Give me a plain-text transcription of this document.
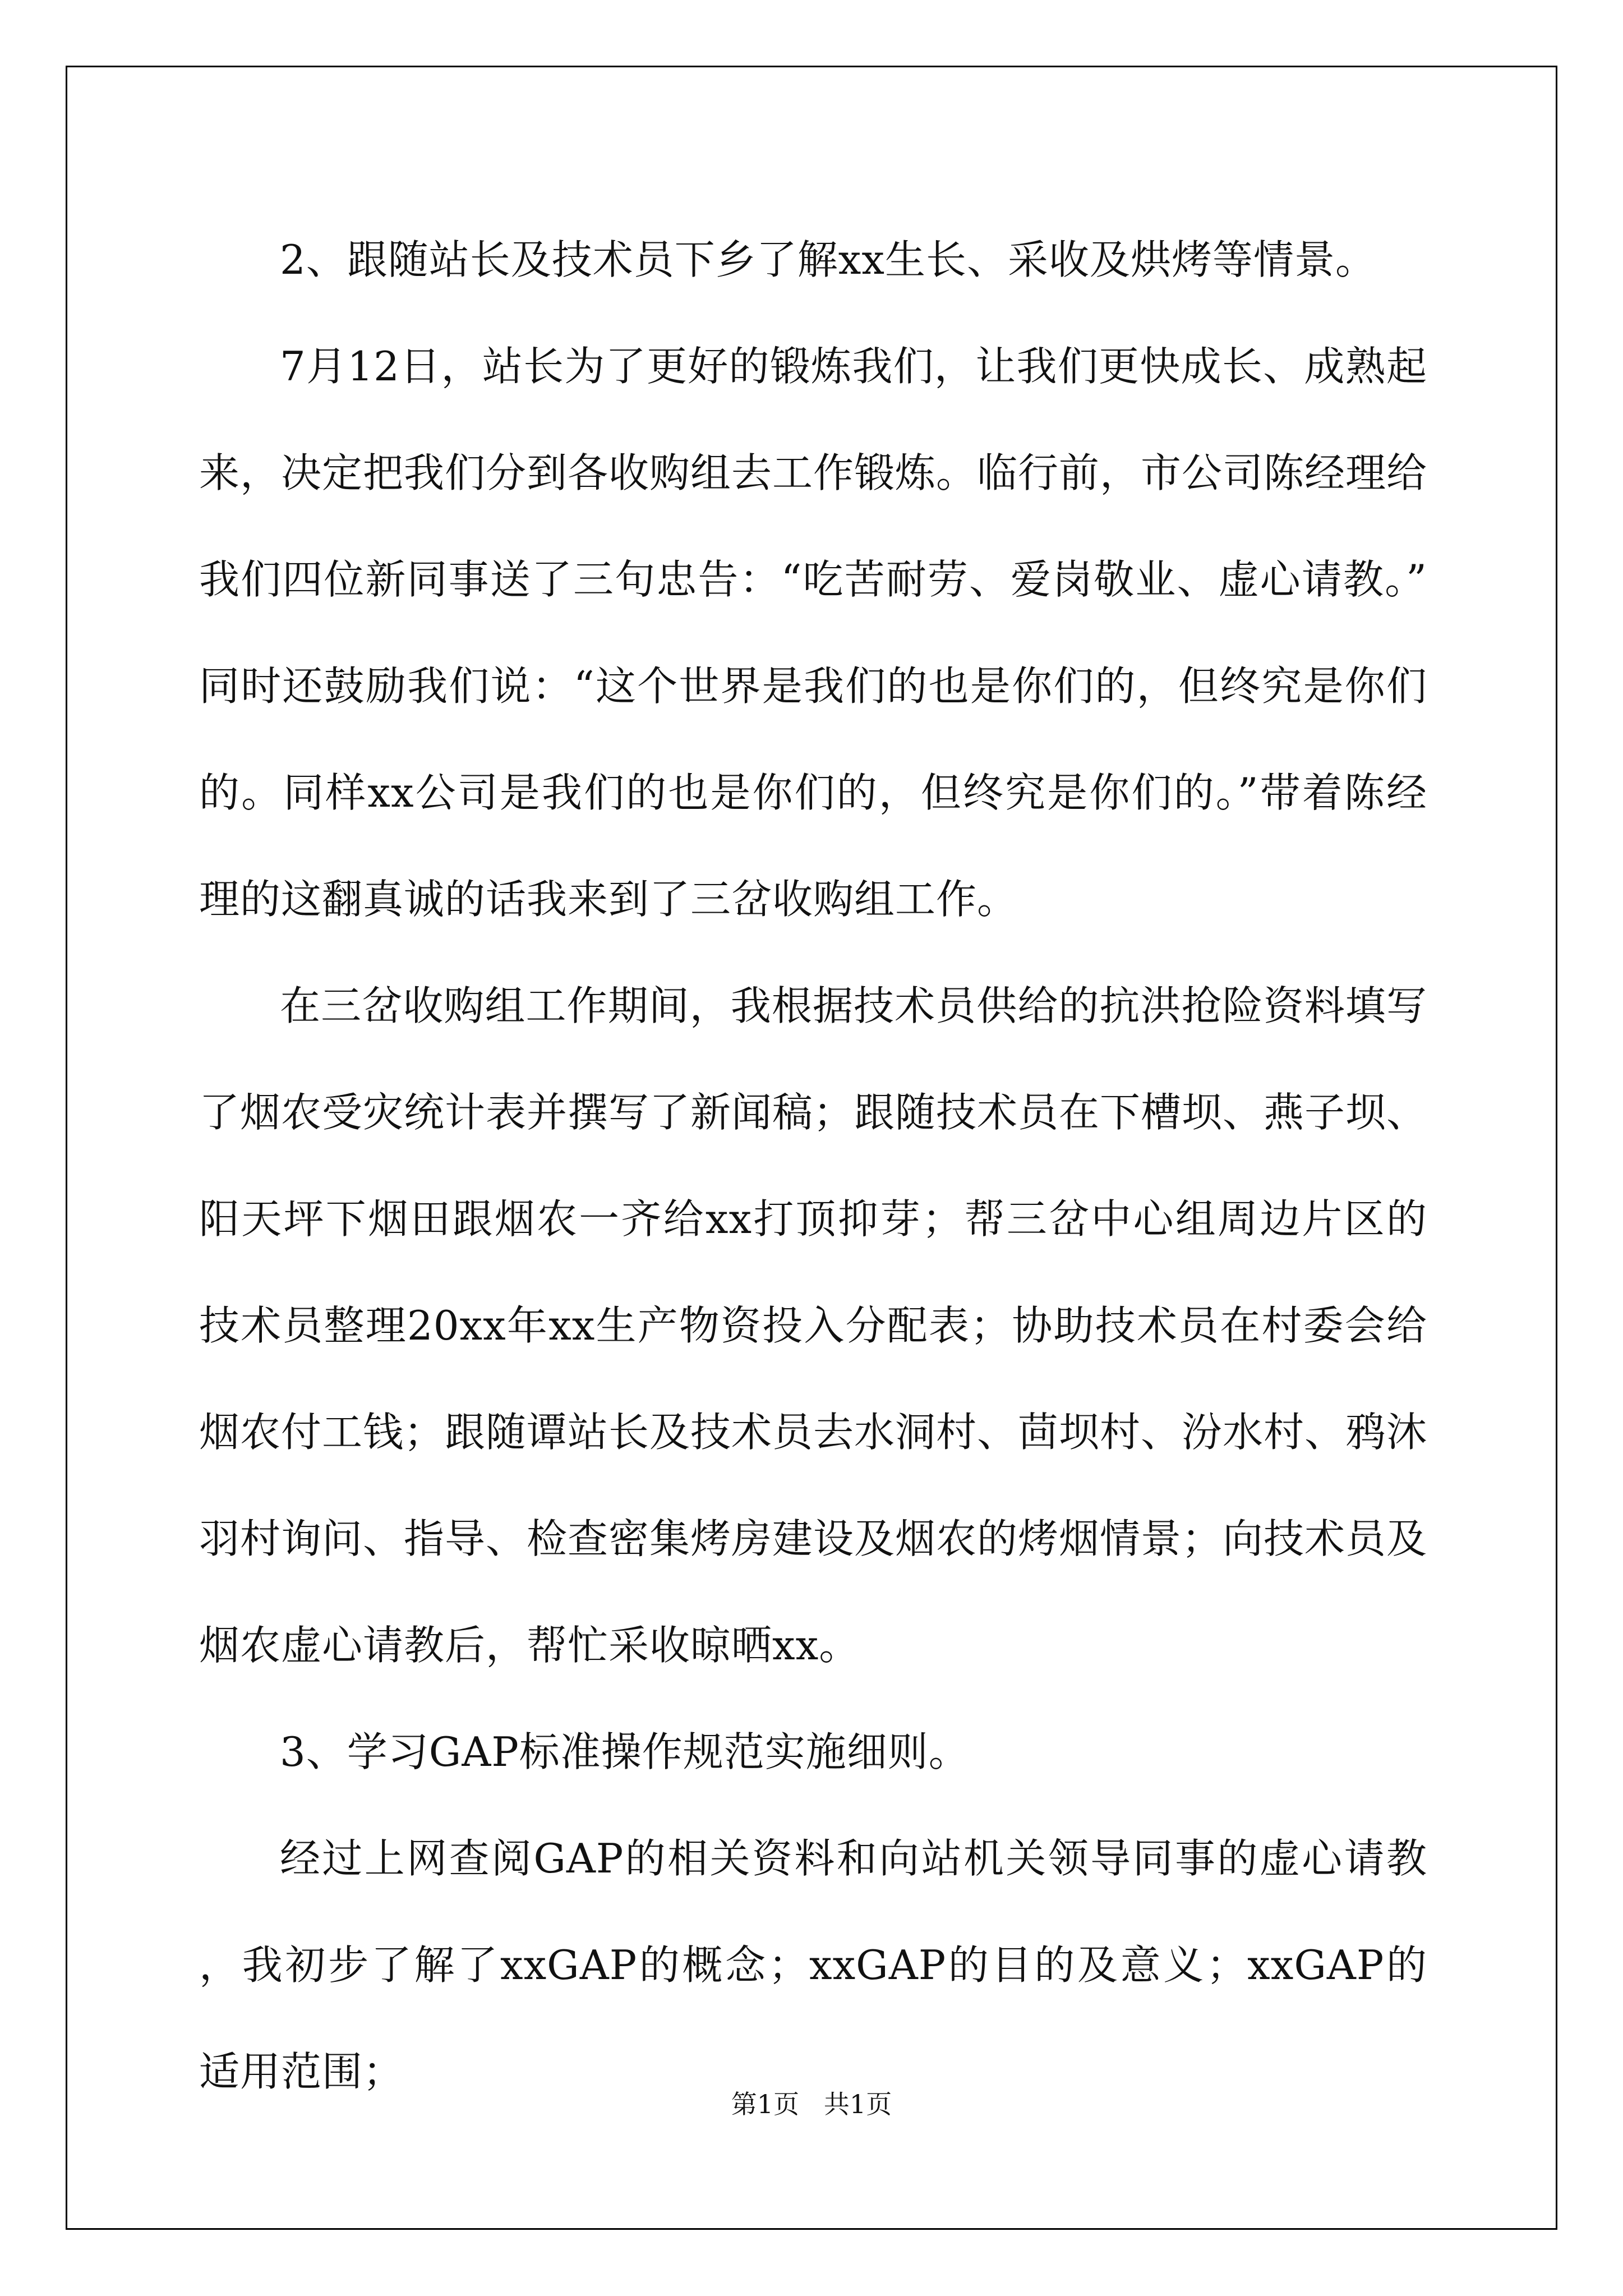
2、跟随站长及技术员下乡了解xx生长、采收及烘烤等情景。

7月12日，站长为了更好的锻炼我们，让我们更快成长、成熟起来，决定把我们分到各收购组去工作锻炼。临行前，市公司陈经理给我们四位新同事送了三句忠告：“吃苦耐劳、爱岗敬业、虚心请教。”同时还鼓励我们说：“这个世界是我们的也是你们的，但终究是你们的。同样xx公司是我们的也是你们的，但终究是你们的。”带着陈经理的这翻真诚的话我来到了三岔收购组工作。

在三岔收购组工作期间，我根据技术员供给的抗洪抢险资料填写了烟农受灾统计表并撰写了新闻稿；跟随技术员在下槽坝、燕子坝、阳天坪下烟田跟烟农一齐给xx打顶抑芽；帮三岔中心组周边片区的技术员整理20xx年xx生产物资投入分配表；协助技术员在村委会给烟农付工钱；跟随谭站长及技术员去水洞村、茴坝村、汾水村、鸦沐羽村询问、指导、检查密集烤房建设及烟农的烤烟情景；向技术员及烟农虚心请教后，帮忙采收晾晒xx。

3、学习GAP标准操作规范实施细则。

经过上网查阅GAP的相关资料和向站机关领导同事的虚心请教，我初步了解了xxGAP的概念；xxGAP的目的及意义；xxGAP的适用范围；

第1页   共1页
